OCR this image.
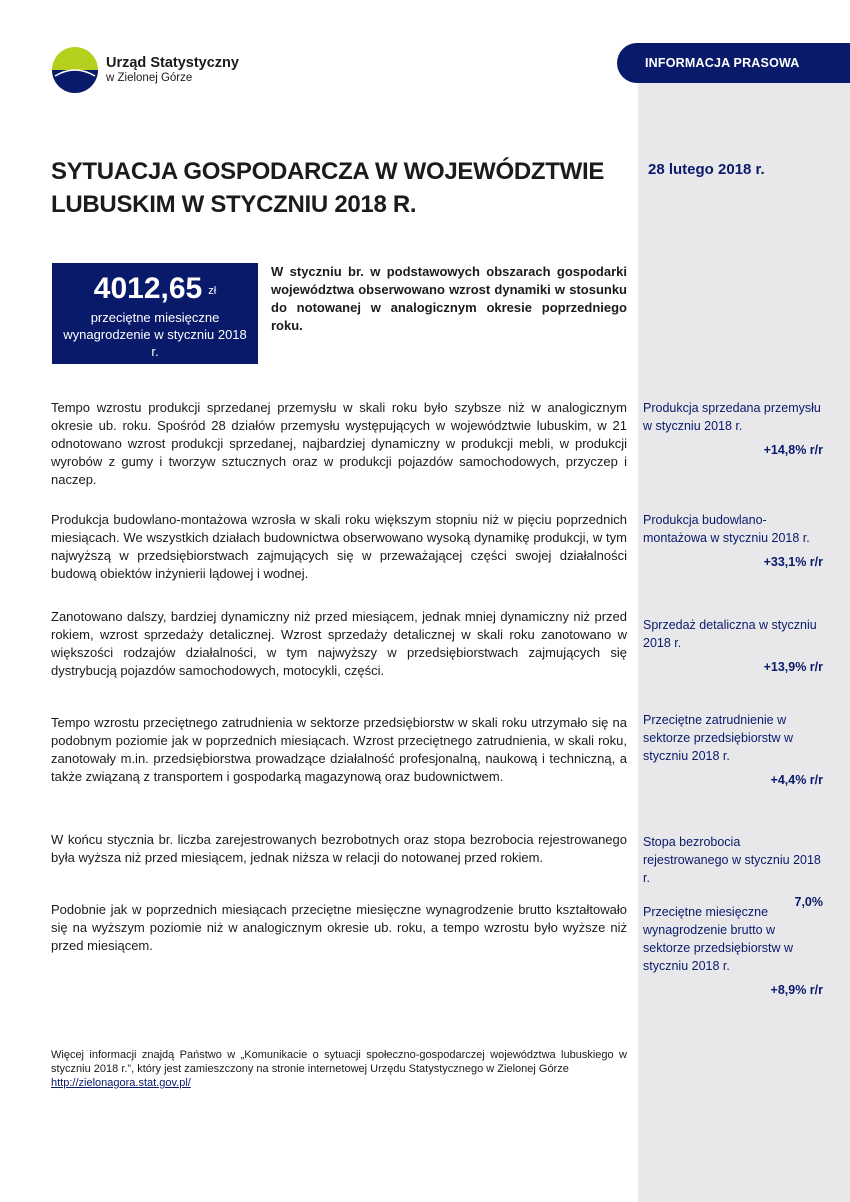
Urząd Statystyczny
w Zielonej Górze
INFORMACJA PRASOWA
SYTUACJA GOSPODARCZA W WOJEWÓDZTWIE
LUBUSKIM W STYCZNIU 2018 R.
28 lutego 2018 r.
4012,65 zł
przeciętne miesięczne wynagrodzenie w styczniu 2018 r.
W styczniu br. w podstawowych obszarach gospodarki województwa obserwowano wzrost dynamiki w stosunku do notowanej w analogicznym okresie poprzedniego roku.
Tempo wzrostu produkcji sprzedanej przemysłu w skali roku było szybsze niż w analogicznym okresie ub. roku. Spośród 28 działów przemysłu występujących w województwie lubuskim, w 21 odnotowano wzrost produkcji sprzedanej, najbardziej dynamiczny w produkcji mebli, w produkcji wyrobów z gumy i tworzyw sztucznych oraz w produkcji pojazdów samochodowych, przyczep i naczep.
Produkcja budowlano-montażowa wzrosła w skali roku większym stopniu niż w pięciu poprzednich miesiącach. We wszystkich działach budownictwa obserwowano wysoką dynamikę produkcji, w tym najwyższą w przedsiębiorstwach zajmujących się w przeważającej części swojej działalności budową obiektów inżynierii lądowej i wodnej.
Zanotowano dalszy, bardziej dynamiczny niż przed miesiącem, jednak mniej dynamiczny niż przed rokiem, wzrost sprzedaży detalicznej. Wzrost sprzedaży detalicznej w skali roku zanotowano w większości rodzajów działalności, w tym najwyższy w przedsiębiorstwach zajmujących się dystrybucją pojazdów samochodowych, motocykli, części.
Tempo wzrostu przeciętnego zatrudnienia w sektorze przedsiębiorstw w skali roku utrzymało się na podobnym poziomie jak w poprzednich miesiącach. Wzrost przeciętnego zatrudnienia, w skali roku, zanotowały m.in. przedsiębiorstwa prowadzące działalność profesjonalną, naukową i techniczną, a także związaną z transportem i gospodarką magazynową oraz budownictwem.
W końcu stycznia br. liczba zarejestrowanych bezrobotnych oraz stopa bezrobocia rejestrowanego była wyższa niż przed miesiącem, jednak niższa w relacji do notowanej przed rokiem.
Podobnie jak w poprzednich miesiącach przeciętne miesięczne wynagrodzenie brutto kształtowało się na wyższym poziomie niż w analogicznym okresie ub. roku, a tempo wzrostu było wyższe niż przed miesiącem.
Produkcja sprzedana przemysłu w styczniu 2018 r.
+14,8% r/r
Produkcja budowlano-montażowa w styczniu 2018 r.
+33,1% r/r
Sprzedaż detaliczna w styczniu 2018 r.
+13,9% r/r
Przeciętne zatrudnienie w sektorze przedsiębiorstw w styczniu 2018 r.
+4,4% r/r
Stopa bezrobocia rejestrowanego w styczniu 2018 r.
7,0%
Przeciętne miesięczne wynagrodzenie brutto w sektorze przedsiębiorstw w styczniu 2018 r.
+8,9% r/r
Więcej informacji znajdą Państwo w „Komunikacie o sytuacji społeczno-gospodarczej województwa lubuskiego w styczniu 2018 r.”, który jest zamieszczony na stronie internetowej Urzędu Statystycznego w Zielonej Górze
http://zielonagora.stat.gov.pl/
